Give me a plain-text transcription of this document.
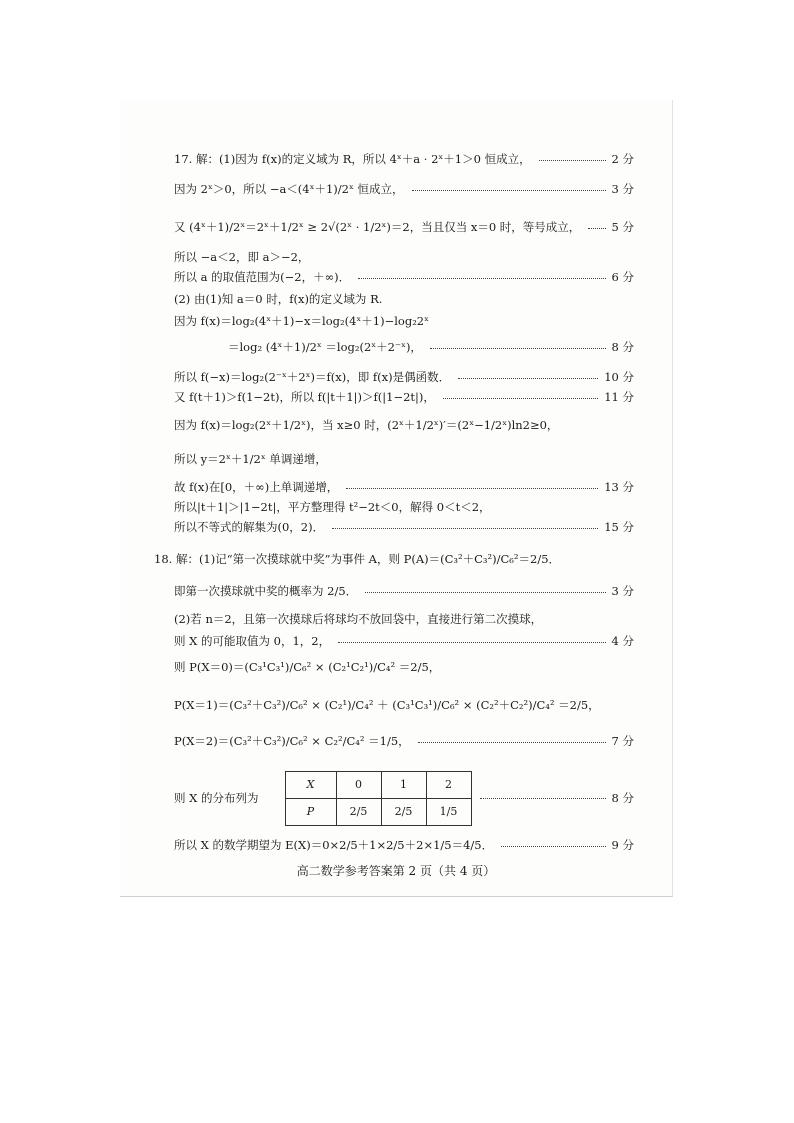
17. 解：(1)因为 f(x)的定义域为 R，所以 4ˣ＋a · 2ˣ＋1＞0 恒成立，	2 分
因为 2ˣ＞0，所以 −a＜(4ˣ＋1)/2ˣ 恒成立，	3 分
又 (4ˣ＋1)/2ˣ＝2ˣ＋1/2ˣ ≥ 2√(2ˣ · 1/2ˣ)＝2，当且仅当 x＝0 时，等号成立，	5 分
所以 −a＜2，即 a＞−2，
所以 a 的取值范围为(−2，＋∞)．	6 分
(2) 由(1)知 a＝0 时，f(x)的定义域为 R.
因为 f(x)＝log₂(4ˣ＋1)−x＝log₂(4ˣ＋1)−log₂2ˣ
＝log₂ (4ˣ＋1)/2ˣ ＝log₂(2ˣ＋2⁻ˣ)，	8 分
所以 f(−x)＝log₂(2⁻ˣ＋2ˣ)＝f(x)，即 f(x)是偶函数．	10 分
又 f(t＋1)＞f(1−2t)，所以 f(|t＋1|)＞f(|1−2t|)，	11 分
因为 f(x)＝log₂(2ˣ＋1/2ˣ)，当 x≥0 时，(2ˣ＋1/2ˣ)′＝(2ˣ−1/2ˣ)ln2≥0，
所以 y＝2ˣ＋1/2ˣ 单调递增，
故 f(x)在[0，＋∞)上单调递增，	13 分
所以|t＋1|＞|1−2t|，平方整理得 t²−2t＜0，解得 0＜t＜2，
所以不等式的解集为(0，2)．	15 分
18. 解：(1)记“第一次摸球就中奖”为事件 A，则 P(A)＝(C₃²＋C₃²)/C₆²＝2/5．
即第一次摸球就中奖的概率为 2/5．	3 分
(2)若 n＝2，且第一次摸球后将球均不放回袋中，直接进行第二次摸球，
则 X 的可能取值为 0，1，2，	4 分
则 P(X＝0)＝(C₃¹C₃¹)/C₆² × (C₂¹C₂¹)/C₄² ＝2/5，
P(X＝1)＝(C₃²＋C₃²)/C₆² × (C₂¹)/C₄² ＋ (C₃¹C₃¹)/C₆² × (C₂²＋C₂²)/C₄² ＝2/5，
P(X＝2)＝(C₃²＋C₃²)/C₆² × C₂²/C₄² ＝1/5，	7 分
则 X 的分布列为
X	0	1	2
P	2/5	2/5	1/5
8 分
所以 X 的数学期望为 E(X)＝0×2/5＋1×2/5＋2×1/5＝4/5．	9 分
高二数学参考答案第 2 页（共 4 页）
